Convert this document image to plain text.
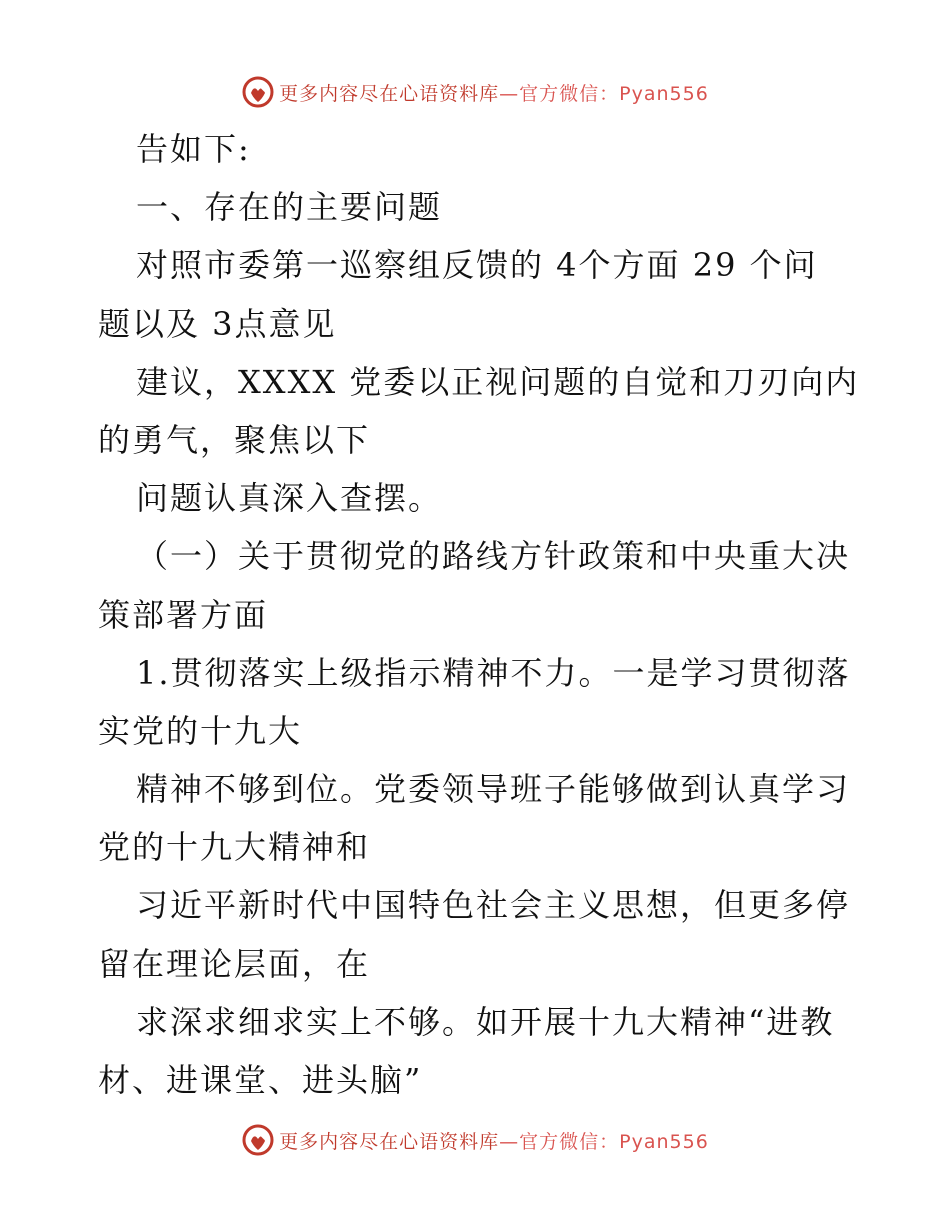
更多内容尽在心语资料库 —官方微信：Pyan556
告如下:
一、存在的主要问题
对照市委第一巡察组反馈的 4个方面 29 个问
题以及 3点意见
建议，XXXX 党委以正视问题的自觉和刀刃向内
的勇气，聚焦以下
问题认真深入查摆。
（一）关于贯彻党的路线方针政策和中央重大决
策部署方面
1.贯彻落实上级指示精神不力。一是学习贯彻落
实党的十九大
精神不够到位。党委领导班子能够做到认真学习
党的十九大精神和
习近平新时代中国特色社会主义思想，但更多停
留在理论层面，在
求深求细求实上不够。如开展十九大精神“进教
材、进课堂、进头脑”
更多内容尽在心语资料库 —官方微信：Pyan556
